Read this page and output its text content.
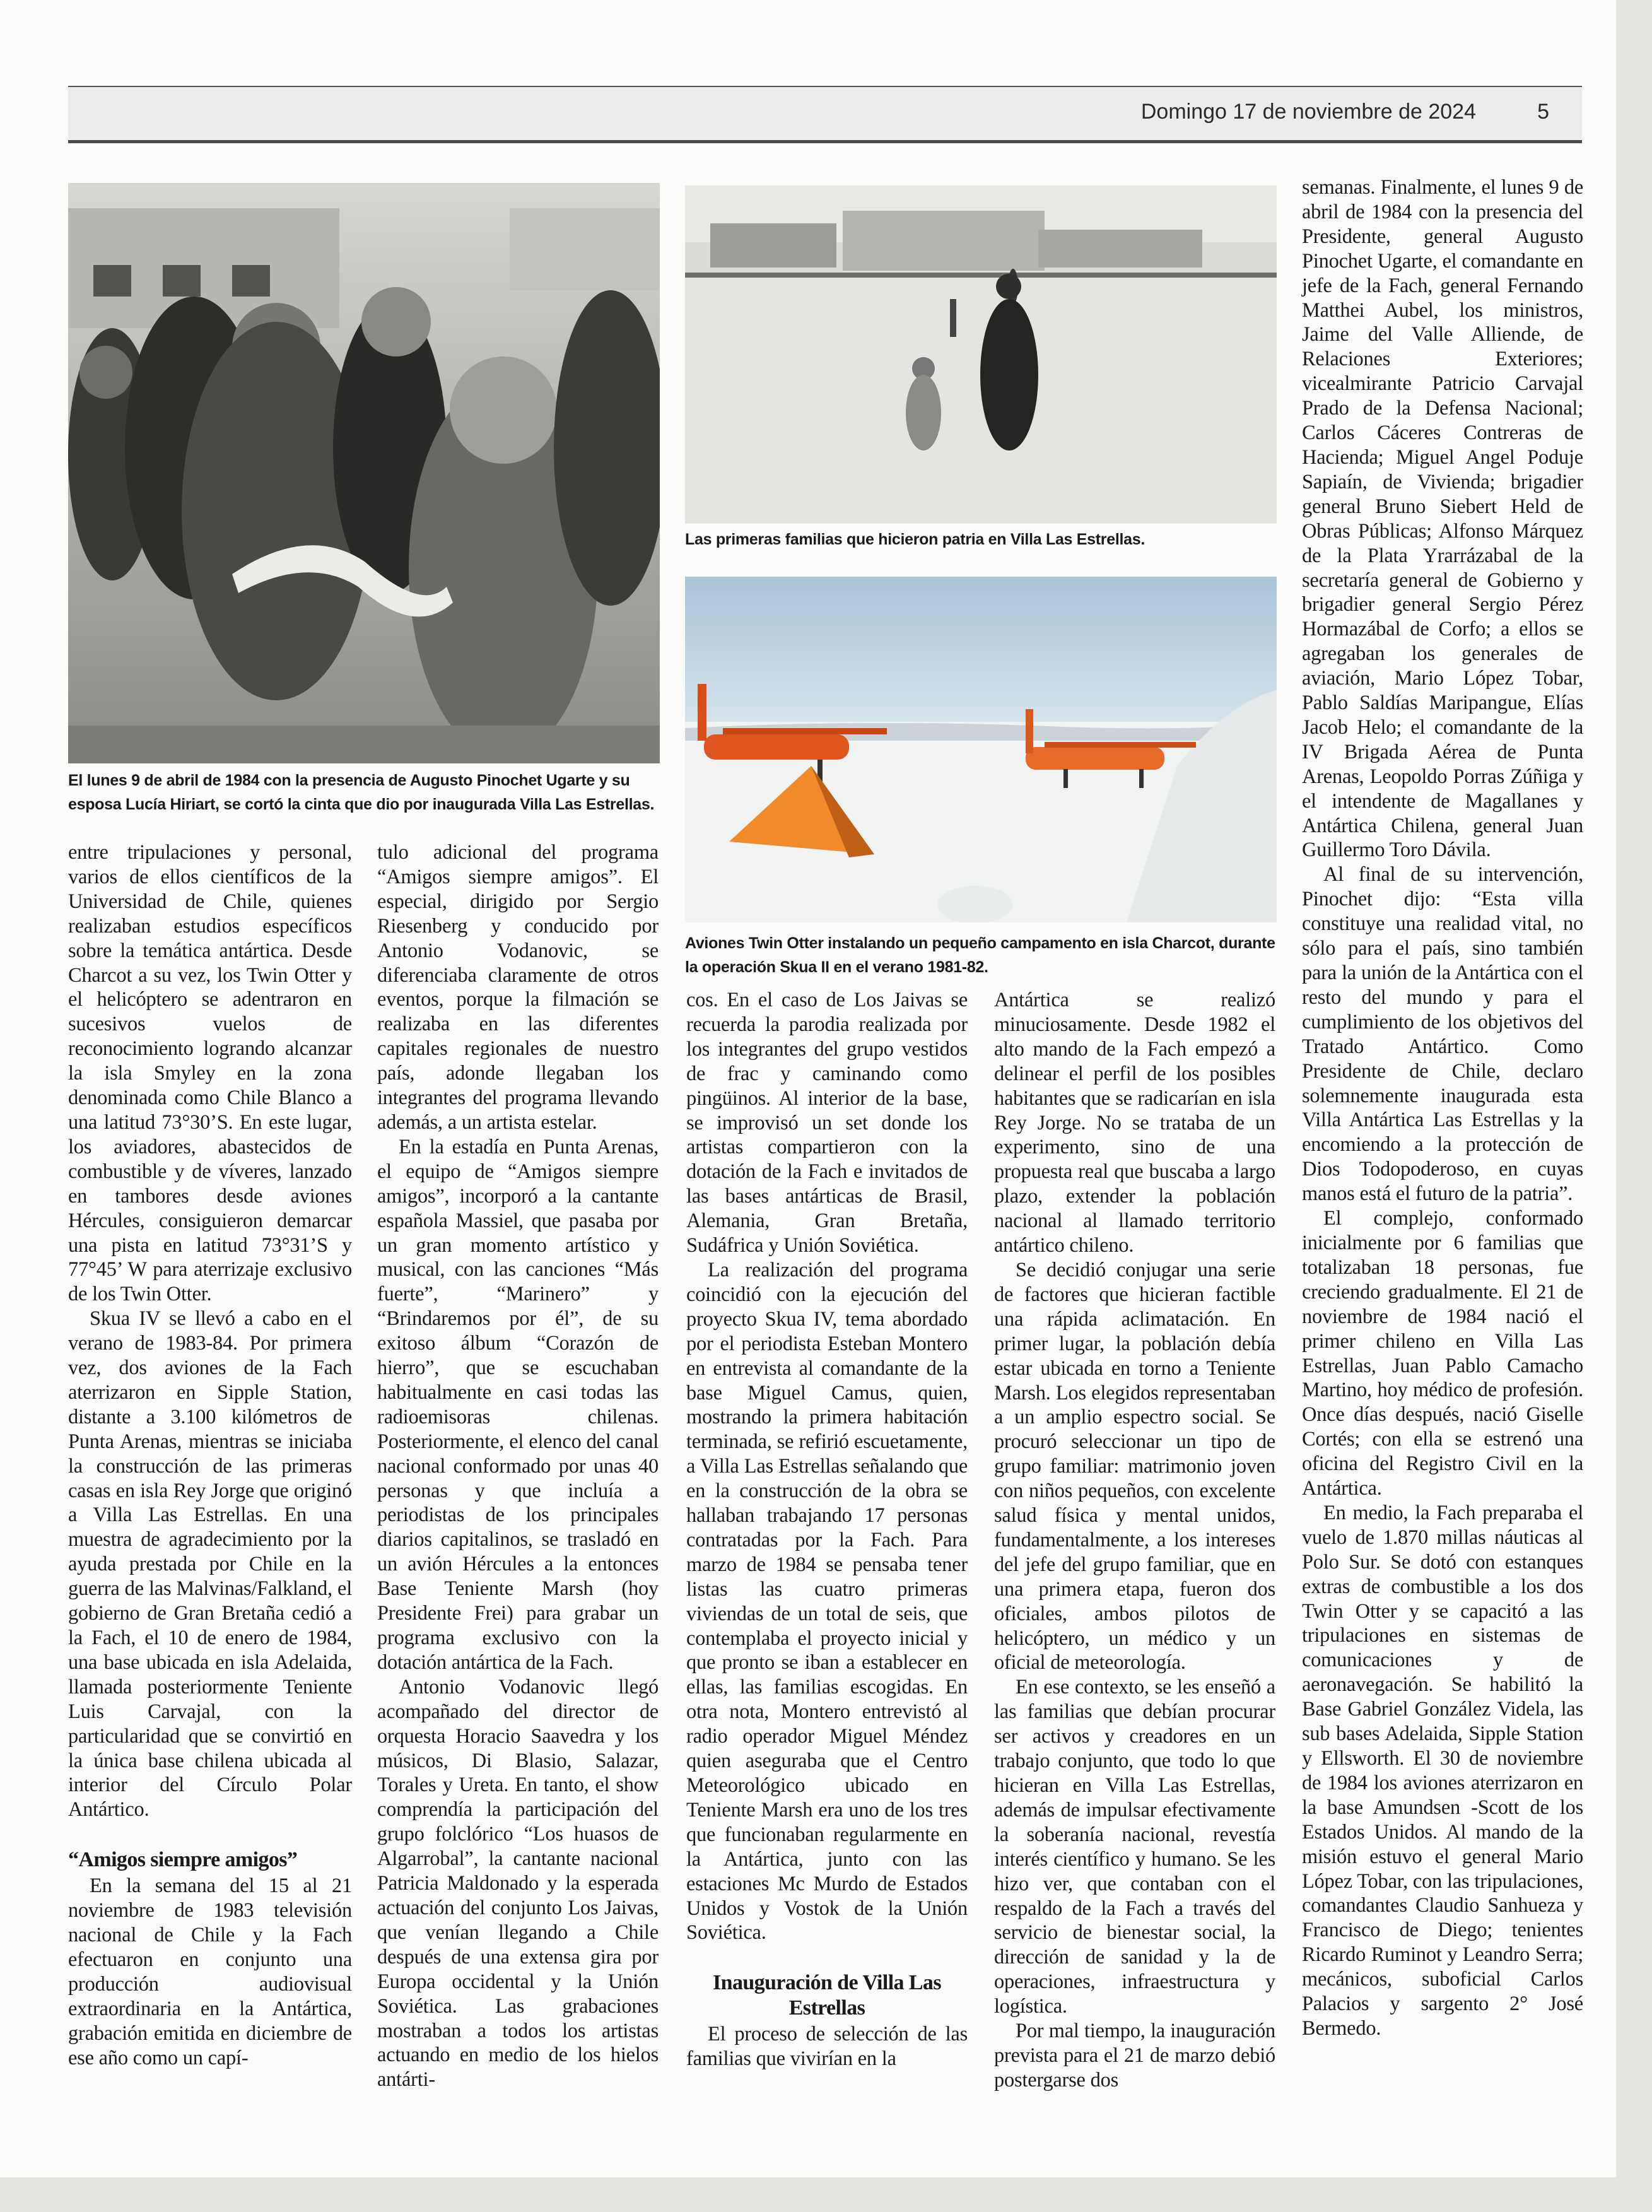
Domingo 17 de noviembre de 2024	5
El lunes 9 de abril de 1984 con la presencia de Augusto Pinochet Ugarte y su esposa Lucía Hiriart, se cortó la cinta que dio por inaugurada Villa Las Estrellas.
Las primeras familias que hicieron patria en Villa Las Estrellas.
Aviones Twin Otter instalando un pequeño campamento en isla Charcot, durante la operación Skua II en el verano 1981-82.

entre tripulaciones y personal, varios de ellos científicos de la Universidad de Chile, quienes realizaban estudios específicos sobre la temática antártica. Desde Charcot a su vez, los Twin Otter y el helicóptero se adentraron en sucesivos vuelos de reconocimiento logrando alcanzar la isla Smyley en la zona denominada como Chile Blanco a una latitud 73°30’S. En este lugar, los aviadores, abastecidos de combustible y de víveres, lanzado en tambores desde aviones Hércules, consiguieron demarcar una pista en latitud 73°31’S y 77°45’ W para aterrizaje exclusivo de los Twin Otter.

Skua IV se llevó a cabo en el verano de 1983-84. Por primera vez, dos aviones de la Fach aterrizaron en Sipple Station, distante a 3.100 kilómetros de Punta Arenas, mientras se iniciaba la construcción de las primeras casas en isla Rey Jorge que originó a Villa Las Estrellas. En una muestra de agradecimiento por la ayuda prestada por Chile en la guerra de las Malvinas/Falkland, el gobierno de Gran Bretaña cedió a la Fach, el 10 de enero de 1984, una base ubicada en isla Adelaida, llamada posteriormente Teniente Luis Carvajal, con la particularidad que se convirtió en la única base chilena ubicada al interior del Círculo Polar Antártico.

“Amigos siempre amigos”

En la semana del 15 al 21 noviembre de 1983 televisión nacional de Chile y la Fach efectuaron en conjunto una producción audiovisual extraordinaria en la Antártica, grabación emitida en diciembre de ese año como un capí-

tulo adicional del programa “Amigos siempre amigos”. El especial, dirigido por Sergio Riesenberg y conducido por Antonio Vodanovic, se diferenciaba claramente de otros eventos, porque la filmación se realizaba en las diferentes capitales regionales de nuestro país, adonde llegaban los integrantes del programa llevando además, a un artista estelar.

En la estadía en Punta Arenas, el equipo de “Amigos siempre amigos”, incorporó a la cantante española Massiel, que pasaba por un gran momento artístico y musical, con las canciones “Más fuerte”, “Marinero” y “Brindaremos por él”, de su exitoso álbum “Corazón de hierro”, que se escuchaban habitualmente en casi todas las radioemisoras chilenas. Posteriormente, el elenco del canal nacional conformado por unas 40 personas y que incluía a periodistas de los principales diarios capitalinos, se trasladó en un avión Hércules a la entonces Base Teniente Marsh (hoy Presidente Frei) para grabar un programa exclusivo con la dotación antártica de la Fach.

Antonio Vodanovic llegó acompañado del director de orquesta Horacio Saavedra y los músicos, Di Blasio, Salazar, Torales y Ureta. En tanto, el show comprendía la participación del grupo folclórico “Los huasos de Algarrobal”, la cantante nacional Patricia Maldonado y la esperada actuación del conjunto Los Jaivas, que venían llegando a Chile después de una extensa gira por Europa occidental y la Unión Soviética. Las grabaciones mostraban a todos los artistas actuando en medio de los hielos antárti-

cos. En el caso de Los Jaivas se recuerda la parodia realizada por los integrantes del grupo vestidos de frac y caminando como pingüinos. Al interior de la base, se improvisó un set donde los artistas compartieron con la dotación de la Fach e invitados de las bases antárticas de Brasil, Alemania, Gran Bretaña, Sudáfrica y Unión Soviética.

La realización del programa coincidió con la ejecución del proyecto Skua IV, tema abordado por el periodista Esteban Montero en entrevista al comandante de la base Miguel Camus, quien, mostrando la primera habitación terminada, se refirió escuetamente, a Villa Las Estrellas señalando que en la construcción de la obra se hallaban trabajando 17 personas contratadas por la Fach. Para marzo de 1984 se pensaba tener listas las cuatro primeras viviendas de un total de seis, que contemplaba el proyecto inicial y que pronto se iban a establecer en ellas, las familias escogidas. En otra nota, Montero entrevistó al radio operador Miguel Méndez quien aseguraba que el Centro Meteorológico ubicado en Teniente Marsh era uno de los tres que funcionaban regularmente en la Antártica, junto con las estaciones Mc Murdo de Estados Unidos y Vostok de la Unión Soviética.

Inauguración de Villa Las Estrellas

El proceso de selección de las familias que vivirían en la

Antártica se realizó minuciosamente. Desde 1982 el alto mando de la Fach empezó a delinear el perfil de los posibles habitantes que se radicarían en isla Rey Jorge. No se trataba de un experimento, sino de una propuesta real que buscaba a largo plazo, extender la población nacional al llamado territorio antártico chileno.

Se decidió conjugar una serie de factores que hicieran factible una rápida aclimatación. En primer lugar, la población debía estar ubicada en torno a Teniente Marsh. Los elegidos representaban a un amplio espectro social. Se procuró seleccionar un tipo de grupo familiar: matrimonio joven con niños pequeños, con excelente salud física y mental unidos, fundamentalmente, a los intereses del jefe del grupo familiar, que en una primera etapa, fueron dos oficiales, ambos pilotos de helicóptero, un médico y un oficial de meteorología.

En ese contexto, se les enseñó a las familias que debían procurar ser activos y creadores en un trabajo conjunto, que todo lo que hicieran en Villa Las Estrellas, además de impulsar efectivamente la soberanía nacional, revestía interés científico y humano. Se les hizo ver, que contaban con el respaldo de la Fach a través del servicio de bienestar social, la dirección de sanidad y la de operaciones, infraestructura y logística.

Por mal tiempo, la inauguración prevista para el 21 de marzo debió postergarse dos

semanas. Finalmente, el lunes 9 de abril de 1984 con la presencia del Presidente, general Augusto Pinochet Ugarte, el comandante en jefe de la Fach, general Fernando Matthei Aubel, los ministros, Jaime del Valle Alliende, de Relaciones Exteriores; vicealmirante Patricio Carvajal Prado de la Defensa Nacional; Carlos Cáceres Contreras de Hacienda; Miguel Angel Poduje Sapiaín, de Vivienda; brigadier general Bruno Siebert Held de Obras Públicas; Alfonso Márquez de la Plata Yrarrázabal de la secretaría general de Gobierno y brigadier general Sergio Pérez Hormazábal de Corfo; a ellos se agregaban los generales de aviación, Mario López Tobar, Pablo Saldías Maripangue, Elías Jacob Helo; el comandante de la IV Brigada Aérea de Punta Arenas, Leopoldo Porras Zúñiga y el intendente de Magallanes y Antártica Chilena, general Juan Guillermo Toro Dávila.

Al final de su intervención, Pinochet dijo: “Esta villa constituye una realidad vital, no sólo para el país, sino también para la unión de la Antártica con el resto del mundo y para el cumplimiento de los objetivos del Tratado Antártico. Como Presidente de Chile, declaro solemnemente inaugurada esta Villa Antártica Las Estrellas y la encomiendo a la protección de Dios Todopoderoso, en cuyas manos está el futuro de la patria”.

El complejo, conformado inicialmente por 6 familias que totalizaban 18 personas, fue creciendo gradualmente. El 21 de noviembre de 1984 nació el primer chileno en Villa Las Estrellas, Juan Pablo Camacho Martino, hoy médico de profesión. Once días después, nació Giselle Cortés; con ella se estrenó una oficina del Registro Civil en la Antártica.

En medio, la Fach preparaba el vuelo de 1.870 millas náuticas al Polo Sur. Se dotó con estanques extras de combustible a los dos Twin Otter y se capacitó a las tripulaciones en sistemas de comunicaciones y de aeronavegación. Se habilitó la Base Gabriel González Videla, las sub bases Adelaida, Sipple Station y Ellsworth. El 30 de noviembre de 1984 los aviones aterrizaron en la base Amundsen -Scott de los Estados Unidos. Al mando de la misión estuvo el general Mario López Tobar, con las tripulaciones, comandantes Claudio Sanhueza y Francisco de Diego; tenientes Ricardo Ruminot y Leandro Serra; mecánicos, suboficial Carlos Palacios y sargento 2° José Bermedo.
